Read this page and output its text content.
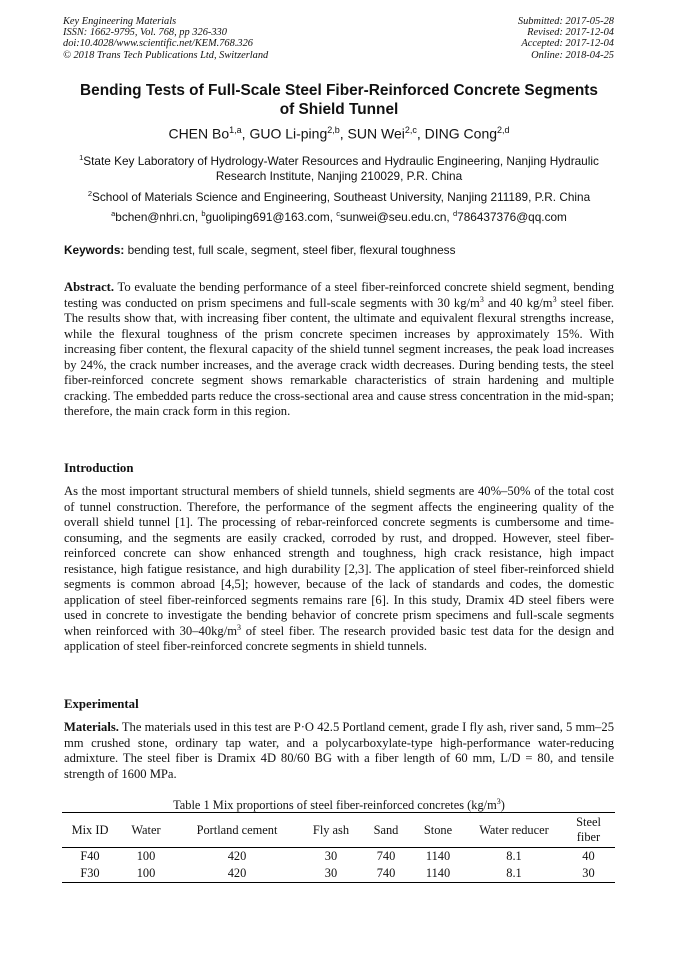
Key Engineering Materials
ISSN: 1662-9795, Vol. 768, pp 326-330
doi:10.4028/www.scientific.net/KEM.768.326
© 2018 Trans Tech Publications Ltd, Switzerland
Submitted: 2017-05-28
Revised: 2017-12-04
Accepted: 2017-12-04
Online: 2018-04-25
Bending Tests of Full-Scale Steel Fiber-Reinforced Concrete Segments
of Shield Tunnel
CHEN Bo$^{1,a}$, GUO Li-ping$^{2,b}$, SUN Wei$^{2,c}$, DING Cong$^{2,d}$
$^1$State Key Laboratory of Hydrology-Water Resources and Hydraulic Engineering, Nanjing Hydraulic
Research Institute, Nanjing 210029, P.R. China
$^2$School of Materials Science and Engineering, Southeast University, Nanjing 211189, P.R. China
$^a$bchen@nhri.cn, $^b$guoliping691@163.com, $^c$sunwei@seu.edu.cn, $^d$786437376@qq.com
Keywords: bending test, full scale, segment, steel fiber, flexural toughness
Abstract. To evaluate the bending performance of a steel fiber-reinforced concrete shield segment, bending testing was conducted on prism specimens and full-scale segments with 30 $kg/m^3$ and 40 $kg/m^3$ steel fiber. The results show that, with increasing fiber content, the ultimate and equivalent flexural strengths increase, while the flexural toughness of the prism concrete specimen increases by approximately 15%. With increasing fiber content, the flexural capacity of the shield tunnel segment increases, the peak load increases by 24%, the crack number increases, and the average crack width decreases. During bending tests, the steel fiber-reinforced concrete segment shows remarkable characteristics of strain hardening and multiple cracking. The embedded parts reduce the cross-sectional area and cause stress concentration in the mid-span; therefore, the main crack form in this region.
Introduction
As the most important structural members of shield tunnels, shield segments are 40%–50% of the total cost of tunnel construction. Therefore, the performance of the segment affects the engineering quality of the overall shield tunnel [1]. The processing of rebar-reinforced concrete segments is cumbersome and time-consuming, and the segments are easily cracked, corroded by rust, and dropped. However, steel fiber-reinforced concrete can show enhanced strength and toughness, high crack resistance, high impact resistance, high fatigue resistance, and high durability [2,3]. The application of steel fiber-reinforced shield segments is common abroad [4,5]; however, because of the lack of standards and codes, the domestic application of steel fiber-reinforced segments remains rare [6]. In this study, Dramix 4D steel fibers were used in concrete to investigate the bending behavior of concrete prism specimens and full-scale segments when reinforced with $30-40kg/m^3$ of steel fiber. The research provided basic test data for the design and application of steel fiber-reinforced concrete segments in shield tunnels.
Experimental
Materials. The materials used in this test are P·O 42.5 Portland cement, grade I fly ash, river sand, 5 mm–25 mm crushed stone, ordinary tap water, and a polycarboxylate-type high-performance water-reducing admixture. The steel fiber is Dramix 4D 80/60 BG with a fiber length of 60 mm, L/D = 80, and tensile strength of 1600 MPa.
Table 1 Mix proportions of steel fiber-reinforced concretes $(kg/m^3)$
Mix ID	Water	Portland cement	Fly ash	Sand	Stone	Water reducer	Steel fiber
F40	100	420	30	740	1140	8.1	40
F30	100	420	30	740	1140	8.1	30
